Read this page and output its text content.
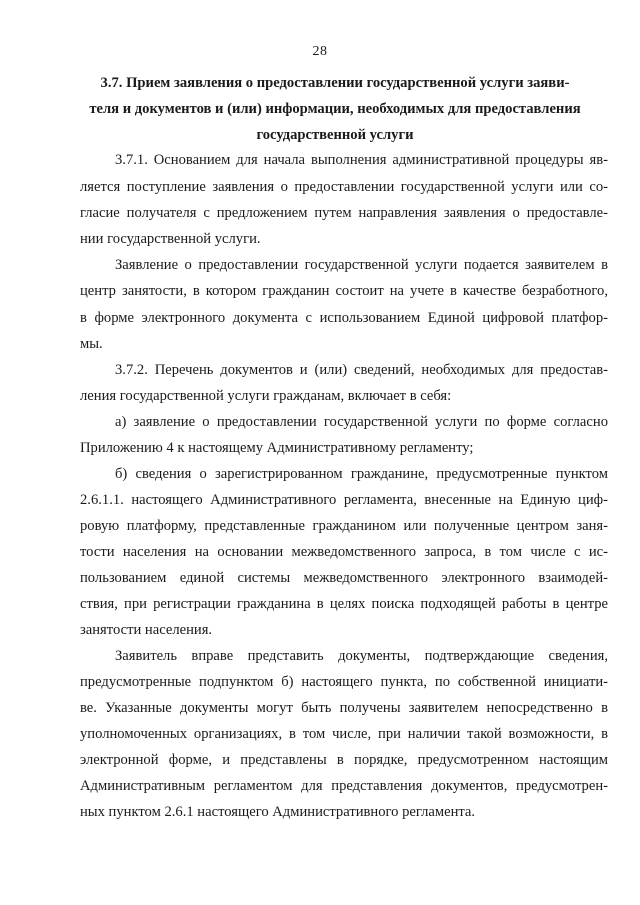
28
3.7. Прием заявления о предоставлении государственной услуги заяви-
теля и документов и (или) информации, необходимых для предоставления
государственной услуги
3.7.1. Основанием для начала выполнения административной процедуры яв-
ляется поступление заявления о предоставлении государственной услуги или со-
гласие получателя с предложением путем направления заявления о предоставле-
нии государственной услуги.
Заявление о предоставлении государственной услуги подается заявителем в
центр занятости, в котором гражданин состоит на учете в качестве безработного,
в форме электронного документа с использованием Единой цифровой платфор-
мы.
3.7.2. Перечень документов и (или) сведений, необходимых для предостав-
ления государственной услуги гражданам, включает в себя:
а) заявление о предоставлении государственной услуги по форме согласно
Приложению 4 к настоящему Административному регламенту;
б) сведения о зарегистрированном гражданине, предусмотренные пунктом
2.6.1.1. настоящего Административного регламента, внесенные на Единую циф-
ровую платформу, представленные гражданином или полученные центром заня-
тости населения на основании межведомственного запроса, в том числе с ис-
пользованием единой системы межведомственного электронного взаимодей-
ствия, при регистрации гражданина в целях поиска подходящей работы в центре
занятости населения.
Заявитель вправе представить документы, подтверждающие сведения,
предусмотренные подпунктом б) настоящего пункта, по собственной инициати-
ве. Указанные документы могут быть получены заявителем непосредственно в
уполномоченных организациях, в том числе, при наличии такой возможности, в
электронной форме, и представлены в порядке, предусмотренном настоящим
Административным регламентом для представления документов, предусмотрен-
ных пунктом 2.6.1 настоящего Административного регламента.
